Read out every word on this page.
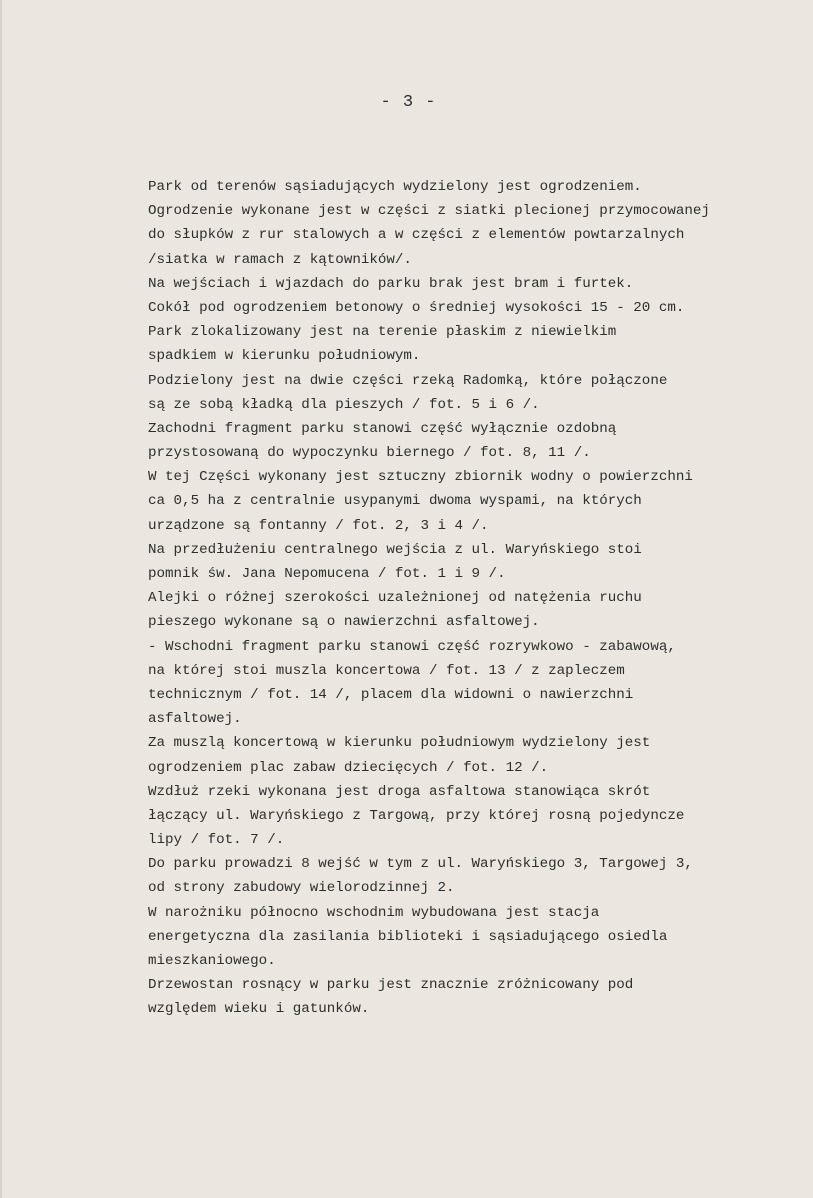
- 3 -
Park od terenów sąsiadujących wydzielony jest ogrodzeniem.
Ogrodzenie wykonane jest w części z siatki plecionej przymocowanej
do słupków z rur stalowych a w części z elementów powtarzalnych
/siatka w ramach z kątowników/.
Na wejściach i wjazdach do parku brak jest bram i furtek.
Cokół pod ogrodzeniem betonowy o średniej wysokości 15 - 20 cm.
Park zlokalizowany jest na terenie płaskim z niewielkim
spadkiem w kierunku południowym.
Podzielony jest na dwie części rzeką Radomką, które połączone
są ze sobą kładką dla pieszych / fot. 5 i 6 /.
Zachodni fragment parku stanowi część wyłącznie ozdobną
przystosowaną do wypoczynku biernego / fot. 8, 11 /.
W tej Części wykonany jest sztuczny zbiornik wodny o powierzchni
ca 0,5 ha z centralnie usypanymi dwoma wyspami, na których
urządzone są fontanny / fot. 2, 3 i 4 /.
Na przedłużeniu centralnego wejścia z ul. Waryńskiego stoi
pomnik św. Jana Nepomucena / fot. 1 i 9 /.
Alejki o różnej szerokości uzależnionej od natężenia ruchu
pieszego wykonane są o nawierzchni asfaltowej.
- Wschodni fragment parku stanowi część rozrywkowo - zabawową,
na której stoi muszla koncertowa / fot. 13 / z zapleczem
technicznym / fot. 14 /, placem dla widowni o nawierzchni
asfaltowej.
Za muszlą koncertową w kierunku południowym wydzielony jest
ogrodzeniem plac zabaw dziecięcych / fot. 12 /.
Wzdłuż rzeki wykonana jest droga asfaltowa stanowiąca skrót
łączący ul. Waryńskiego z Targową, przy której rosną pojedyncze
lipy / fot. 7 /.
Do parku prowadzi 8 wejść w tym z ul. Waryńskiego 3, Targowej 3,
od strony zabudowy wielorodzinnej 2.
W narożniku północno wschodnim wybudowana jest stacja
energetyczna dla zasilania biblioteki i sąsiadującego osiedla
mieszkaniowego.
Drzewostan rosnący w parku jest znacznie zróżnicowany pod
względem wieku i gatunków.
